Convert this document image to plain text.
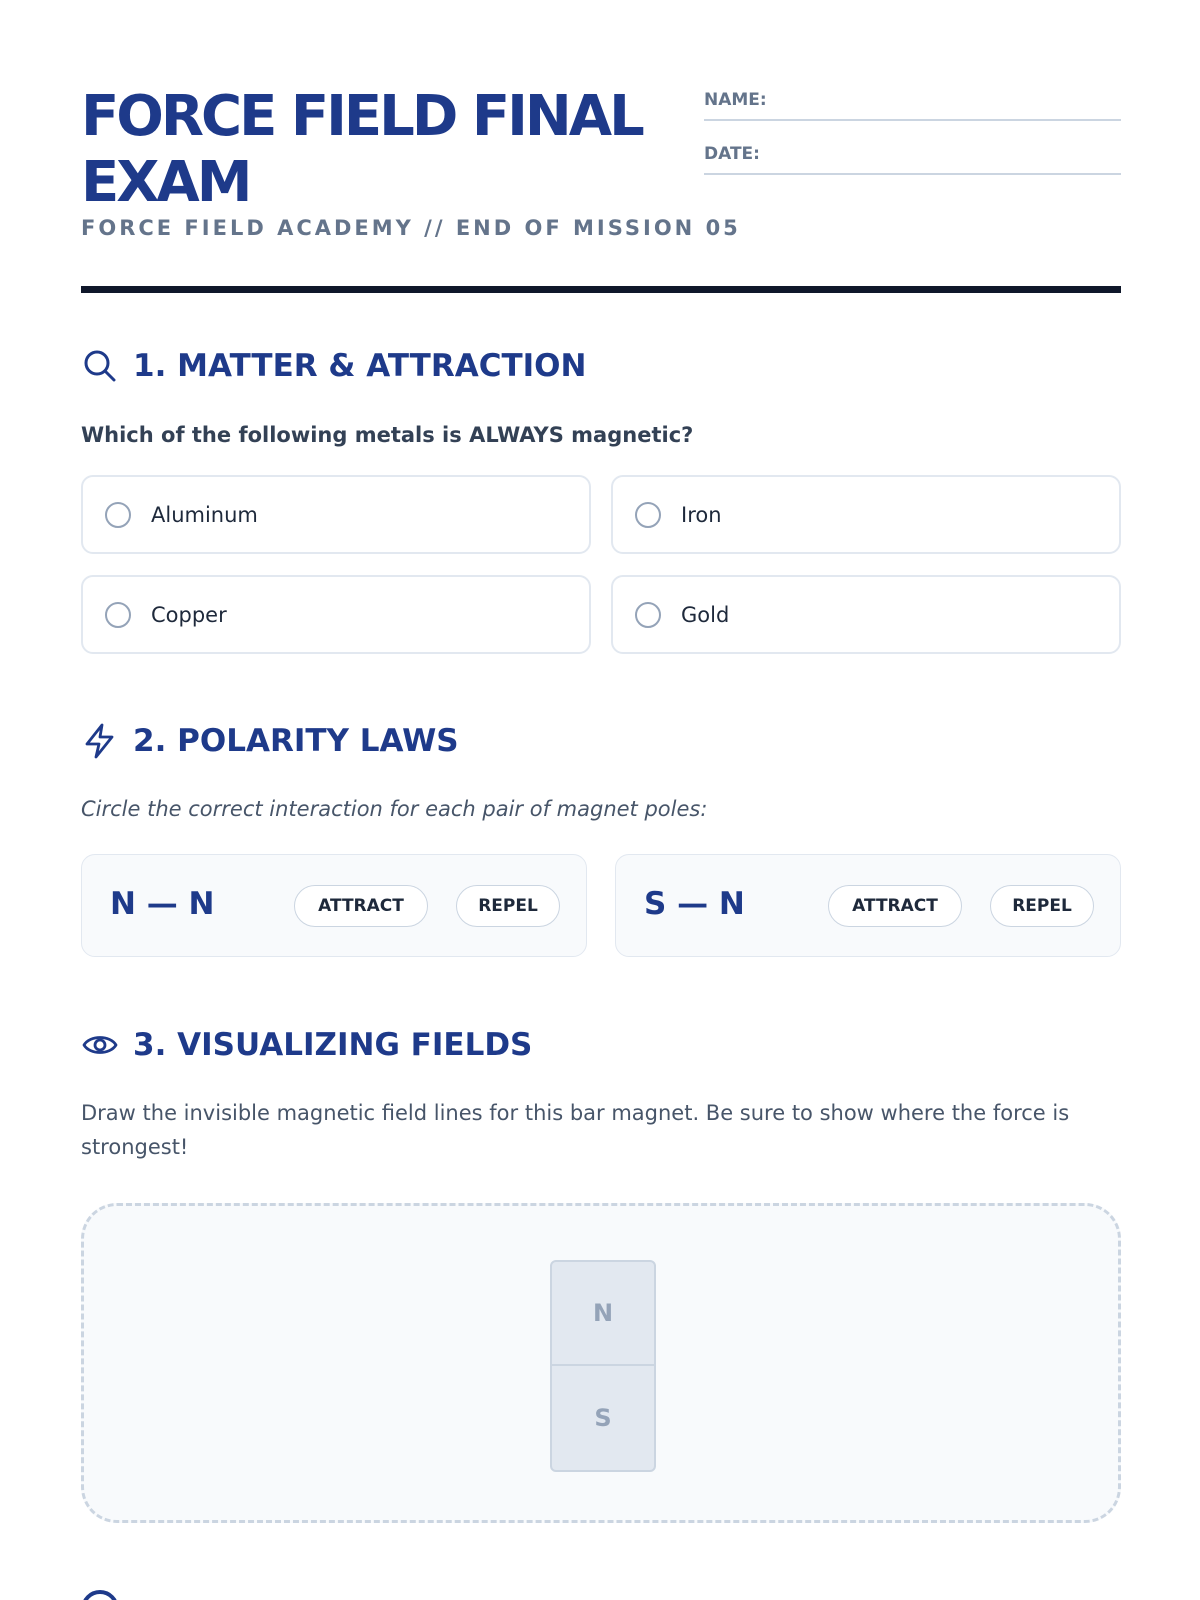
FORCE FIELD FINAL EXAM
FORCE FIELD ACADEMY // END OF MISSION 05
NAME:
DATE:
1. MATTER & ATTRACTION
Which of the following metals is ALWAYS magnetic?
Aluminum	Iron
Copper	Gold
2. POLARITY LAWS
Circle the correct interaction for each pair of magnet poles:
N — N	ATTRACT	REPEL	S — N	ATTRACT	REPEL
3. VISUALIZING FIELDS
Draw the invisible magnetic field lines for this bar magnet. Be sure to show where the force is strongest!
N
S
